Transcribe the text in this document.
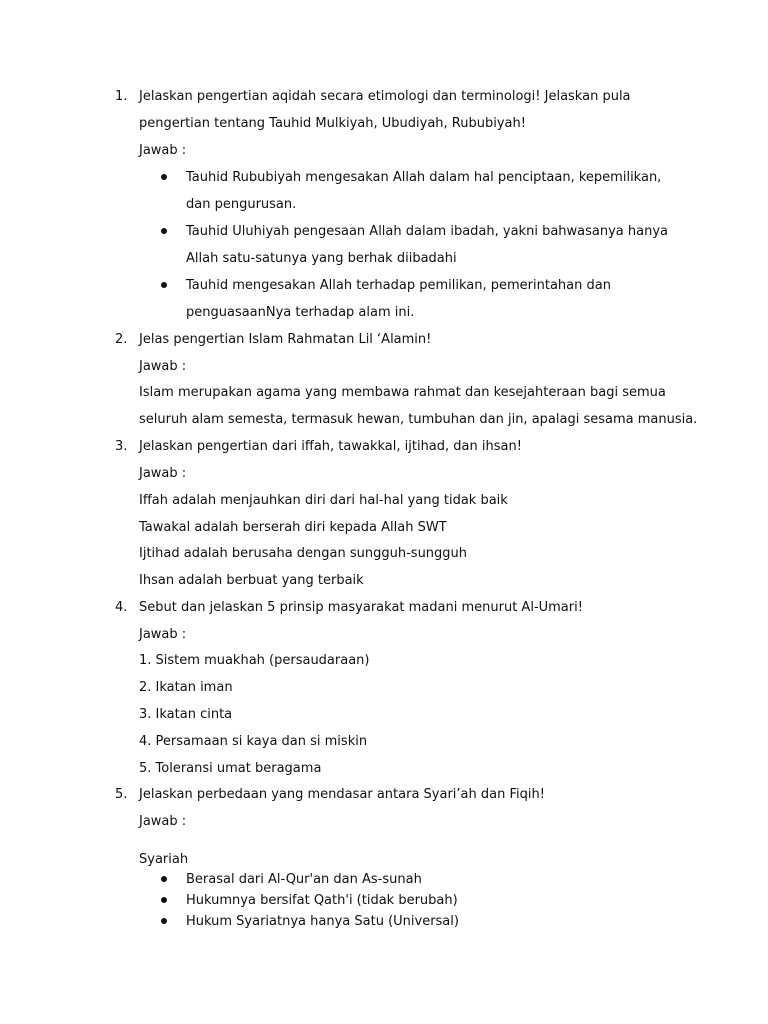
1. Jelaskan pengertian aqidah secara etimologi dan terminologi! Jelaskan pula
pengertian tentang Tauhid Mulkiyah, Ubudiyah, Rububiyah!
Jawab :
Tauhid Rububiyah mengesakan Allah dalam hal penciptaan, kepemilikan,
dan pengurusan.
Tauhid Uluhiyah pengesaan Allah dalam ibadah, yakni bahwasanya hanya
Allah satu-satunya yang berhak diibadahi
Tauhid mengesakan Allah terhadap pemilikan, pemerintahan dan
penguasaanNya terhadap alam ini.
2. Jelas pengertian Islam Rahmatan Lil ‘Alamin!
Jawab :
Islam merupakan agama yang membawa rahmat dan kesejahteraan bagi semua
seluruh alam semesta, termasuk hewan, tumbuhan dan jin, apalagi sesama manusia.
3. Jelaskan pengertian dari iffah, tawakkal, ijtihad, dan ihsan!
Jawab :
Iffah adalah menjauhkan diri dari hal-hal yang tidak baik
Tawakal adalah berserah diri kepada Allah SWT
Ijtihad adalah berusaha dengan sungguh-sungguh
Ihsan adalah berbuat yang terbaik
4. Sebut dan jelaskan 5 prinsip masyarakat madani menurut Al-Umari!
Jawab :
1. Sistem muakhah (persaudaraan)
2. Ikatan iman
3. Ikatan cinta
4. Persamaan si kaya dan si miskin
5. Toleransi umat beragama
5. Jelaskan perbedaan yang mendasar antara Syari’ah dan Fiqih!
Jawab :
Syariah
Berasal dari Al-Qur'an dan As-sunah
Hukumnya bersifat Qath'i (tidak berubah)
Hukum Syariatnya hanya Satu (Universal)
